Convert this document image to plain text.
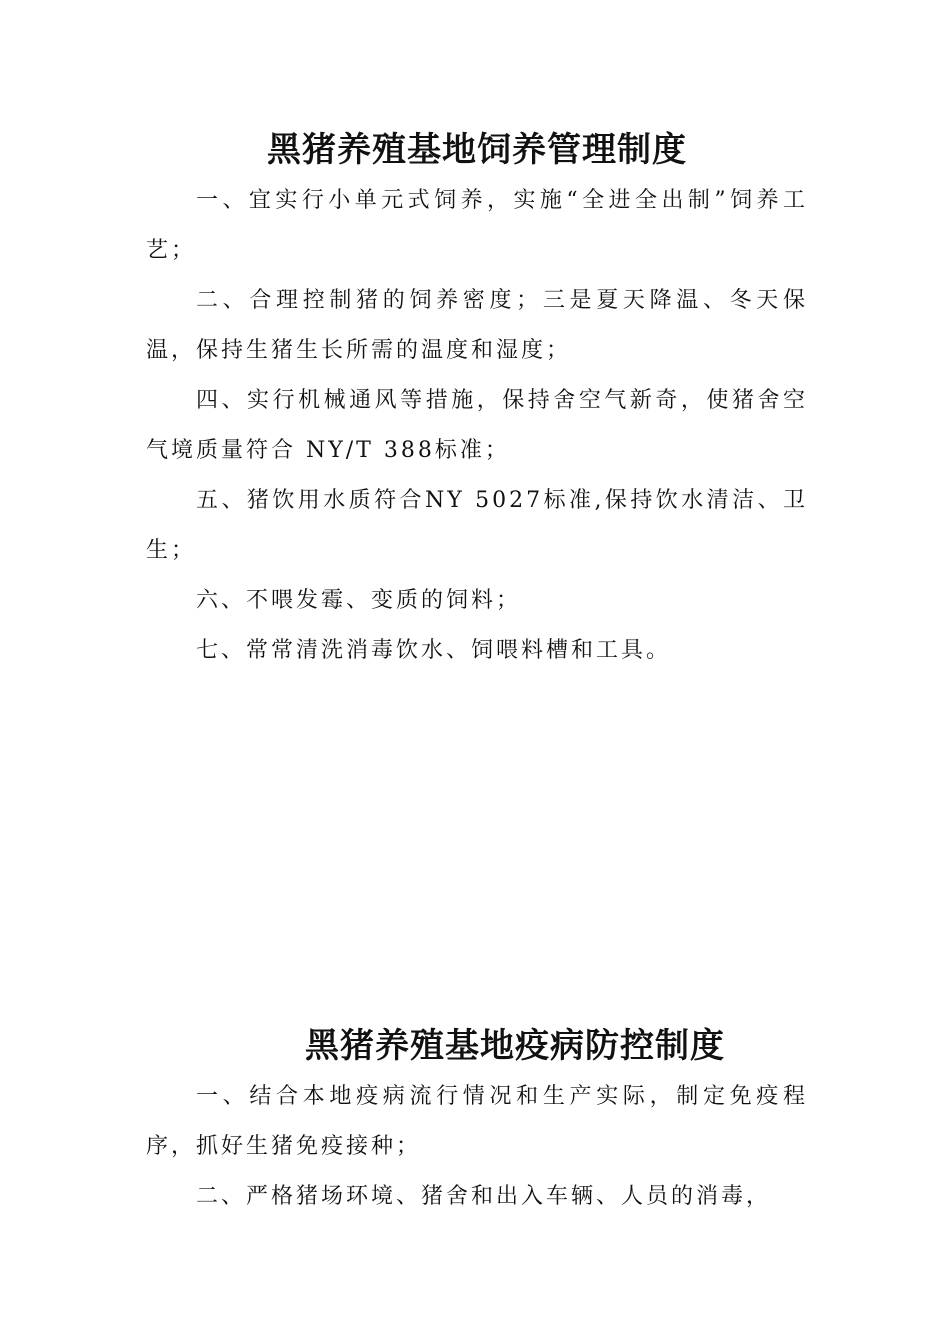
黑猪养殖基地饲养管理制度

一、宜实行小单元式饲养，实施“全进全出制”饲养工艺；

二、合理控制猪的饲养密度；三是夏天降温、冬天保温，保持生猪生长所需的温度和湿度；

四、实行机械通风等措施，保持舍空气新奇，使猪舍空气境质量符合 NY/T 388标准；

五、猪饮用水质符合NY 5027标准,保持饮水清洁、卫生；

六、不喂发霉、变质的饲料；

七、常常清洗消毒饮水、饲喂料槽和工具。

黑猪养殖基地疫病防控制度

一、结合本地疫病流行情况和生产实际，制定免疫程序，抓好生猪免疫接种；

二、严格猪场环境、猪舍和出入车辆、人员的消毒，
